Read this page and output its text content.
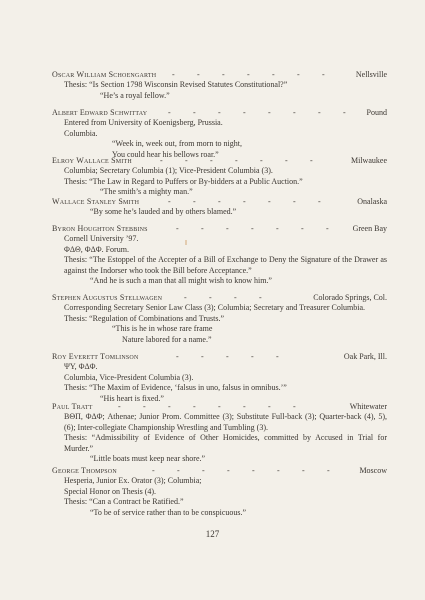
Oscar William Schoengarth -	-	-	-	-	-	-	Nellsville
Thesis: “Is Section 1798 Wisconsin Revised Statutes Constitutional?”
“He’s a royal fellow.”
Albert Edward Schwittay	-	-	-	-	-	-	-	-	Pound
Entered from University of Koenigsberg, Prussia.
Columbia.
“Week in, week out, from morn to night,
You could hear his bellows roar.”
Elroy Wallace Smith	-	-	-	-	-	-	-	Milwaukee
Columbia; Secretary Columbia (1); Vice-President Columbia (3).
Thesis: “The Law in Regard to Puffers or By-bidders at a Public Auction.”
“The smith’s a mighty man.”
Wallace Stanley Smith	-	-	-	-	-	-	-	Onalaska
“By some he’s lauded and by others blamed.”
Byron Houghton Stebbins	-	-	-	-	-	-	-	Green Bay
Cornell University ’97.
ΦΔΘ, ΦΔΦ. Forum.
Thesis: “The Estoppel of the Accepter of a Bill of Exchange to Deny the Signature of the Drawer as against the Indorser who took the Bill before Acceptance.”
“And he is such a man that all might wish to know him.”
Stephen Augustus Stellwagen	-	-	-	-	Colorado Springs, Col.
Corresponding Secretary Senior Law Class (3); Columbia; Secretary and Treasurer Columbia.
Thesis: “Regulation of Combinations and Trusts.”
“This is he in whose rare frame
Nature labored for a name.”
Roy Everett Tomlinson	-	-	-	-	-	Oak Park, Ill.
ΨΥ, ΦΔΦ.
Columbia, Vice-President Columbia (3).
Thesis: “The Maxim of Evidence, ‘falsus in uno, falsus in omnibus.’”
“His heart is fixed.”
Paul Tratt	-	-	-	-	-	-	-	-	Whitewater
ΒΘΠ, ΦΔΦ; Athenae; Junior Prom. Committee (3); Substitute Full-back (3); Quarter-back (4), 5), (6); Inter-collegiate Championship Wrestling and Tumbling (3).
Thesis: “Admissibility of Evidence of Other Homicides, committed by Accused in Trial for Murder.”
“Little boats must keep near shore.”
George Thompson	-	-	-	-	-	-	-	-	Moscow
Hesperia, Junior Ex. Orator (3); Columbia;
Special Honor on Thesis (4).
Thesis: “Can a Contract be Ratified.”
“To be of service rather than to be conspicuous.”
127
